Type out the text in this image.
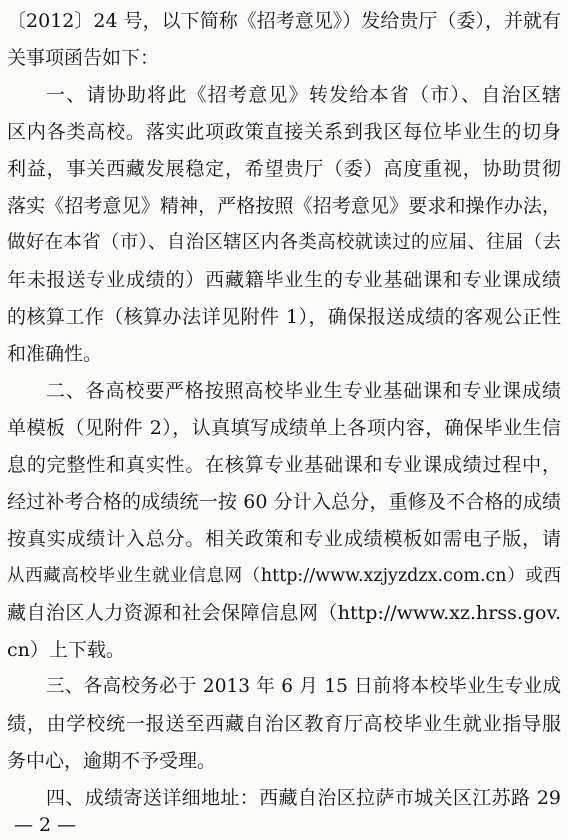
〔2012〕24 号，以下简称《招考意见》）发给贵厅（委），并就有
关事项函告如下：
一、请协助将此《招考意见》转发给本省（市）、自治区辖
区内各类高校。落实此项政策直接关系到我区每位毕业生的切身
利益，事关西藏发展稳定，希望贵厅（委）高度重视，协助贯彻
落实《招考意见》精神，严格按照《招考意见》要求和操作办法，
做好在本省（市）、自治区辖区内各类高校就读过的应届、往届（去
年未报送专业成绩的）西藏籍毕业生的专业基础课和专业课成绩
的核算工作（核算办法详见附件 1），确保报送成绩的客观公正性
和准确性。
二、各高校要严格按照高校毕业生专业基础课和专业课成绩
单模板（见附件 2），认真填写成绩单上各项内容，确保毕业生信
息的完整性和真实性。在核算专业基础课和专业课成绩过程中，
经过补考合格的成绩统一按 60 分计入总分，重修及不合格的成绩
按真实成绩计入总分。相关政策和专业成绩模板如需电子版，请
从西藏高校毕业生就业信息网（http://www.xzjyzdzx.com.cn）或西
藏自治区人力资源和社会保障信息网（http://www.xz.hrss.gov.
cn）上下载。
三、各高校务必于 2013 年 6 月 15 日前将本校毕业生专业成
绩，由学校统一报送至西藏自治区教育厅高校毕业生就业指导服
务中心，逾期不予受理。
四、成绩寄送详细地址：西藏自治区拉萨市城关区江苏路 29
— 2 —
